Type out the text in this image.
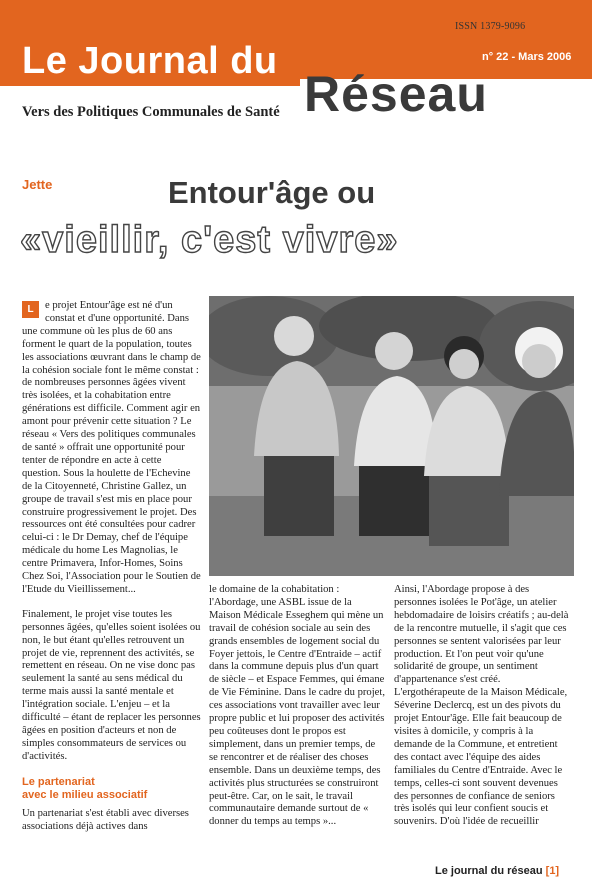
ISSN 1379-9096
n° 22 - Mars 2006
Le Journal du
Réseau
Vers des Politiques Communales de Santé
Jette	Entour'âge ou
«vieillir, c'est vivre»

L	e projet Entour'âge est né d'un constat et d'une opportunité. Dans une commune où les plus de 60 ans forment le quart de la population, toutes les associations œuvrant dans le champ de la cohésion sociale font le même constat : de nombreuses personnes âgées vivent très isolées, et la cohabitation entre générations est difficile. Comment agir en amont pour prévenir cette situation ? Le réseau « Vers des politiques communales de santé » offrait une opportunité pour tenter de répondre en acte à cette question. Sous la houlette de l'Echevine de la Citoyenneté, Christine Gallez, un groupe de travail s'est mis en place pour construire progressivement le projet. Des ressources ont été consultées pour cadrer celui-ci : le Dr Demay, chef de l'équipe médicale du home Les Magnolias, le centre Primavera, Infor-Homes, Soins Chez Soi, l'Association pour le Soutien de l'Etude du Vieillissement...

Finalement, le projet vise toutes les personnes âgées, qu'elles soient isolées ou non, le but étant qu'elles retrouvent un projet de vie, reprennent des activités, se remettent en réseau. On ne vise donc pas seulement la santé au sens médical du terme mais aussi la santé mentale et l'intégration sociale. L'enjeu – et la difficulté – étant de replacer les personnes âgées en position d'acteurs et non de simples consommateurs de services ou d'activités.

Le partenariat
avec le milieu associatif

Un partenariat s'est établi avec diverses associations déjà actives dans

le domaine de la cohabitation : l'Abordage, une ASBL issue de la Maison Médicale Esseghem qui mène un travail de cohésion sociale au sein des grands ensembles de logement social du Foyer jettois, le Centre d'Entraide – actif dans la commune depuis plus d'un quart de siècle – et Espace Femmes, qui émane de Vie Féminine. Dans le cadre du projet, ces associations vont travailler avec leur propre public et lui proposer des activités peu coûteuses dont le propos est simplement, dans un premier temps, de se rencontrer et de réaliser des choses ensemble. Dans un deuxième temps, des activités plus structurées se construiront peut-être. Car, on le sait, le travail communautaire demande surtout de « donner du temps au temps »...

Ainsi, l'Abordage propose à des personnes isolées le Pot'âge, un atelier hebdomadaire de loisirs créatifs ; au-delà de la rencontre mutuelle, il s'agit que ces personnes se sentent valorisées par leur production. Et l'on peut voir qu'une solidarité de groupe, un sentiment d'appartenance s'est créé. L'ergothérapeute de la Maison Médicale, Séverine Declercq, est un des pivots du projet Entour'âge. Elle fait beaucoup de visites à domicile, y compris à la demande de la Commune, et entretient des contact avec l'équipe des aides familiales du Centre d'Entraide. Avec le temps, celles-ci sont souvent devenues des personnes de confiance de seniors très isolés qui leur confient soucis et souvenirs. D'où l'idée de recueillir

Le journal du réseau [1]
